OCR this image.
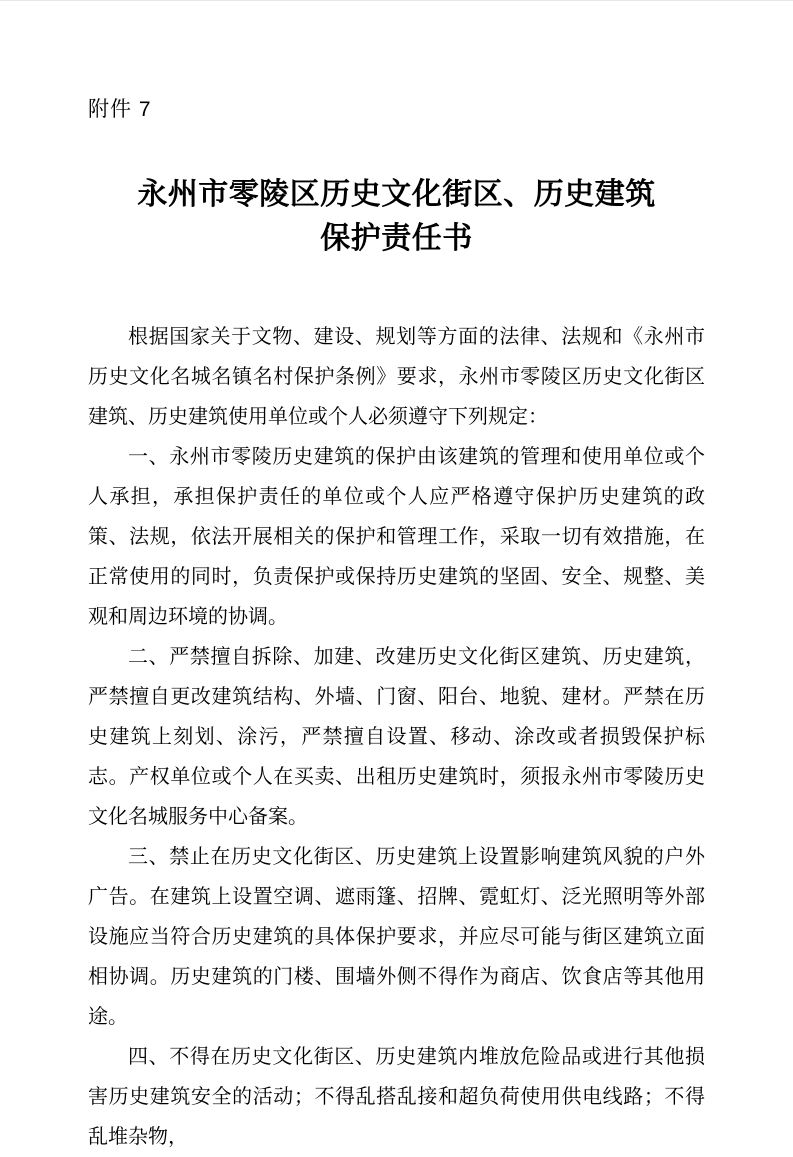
附件 7
永州市零陵区历史文化街区、历史建筑
保护责任书

根据国家关于文物、建设、规划等方面的法律、法规和《永州市历史文化名城名镇名村保护条例》要求，永州市零陵区历史文化街区建筑、历史建筑使用单位或个人必须遵守下列规定：

一、永州市零陵历史建筑的保护由该建筑的管理和使用单位或个人承担，承担保护责任的单位或个人应严格遵守保护历史建筑的政策、法规，依法开展相关的保护和管理工作，采取一切有效措施，在正常使用的同时，负责保护或保持历史建筑的坚固、安全、规整、美观和周边环境的协调。

二、严禁擅自拆除、加建、改建历史文化街区建筑、历史建筑，严禁擅自更改建筑结构、外墙、门窗、阳台、地貌、建材。严禁在历史建筑上刻划、涂污，严禁擅自设置、移动、涂改或者损毁保护标志。产权单位或个人在买卖、出租历史建筑时，须报永州市零陵历史文化名城服务中心备案。

三、禁止在历史文化街区、历史建筑上设置影响建筑风貌的户外广告。在建筑上设置空调、遮雨篷、招牌、霓虹灯、泛光照明等外部设施应当符合历史建筑的具体保护要求，并应尽可能与街区建筑立面相协调。历史建筑的门楼、围墙外侧不得作为商店、饮食店等其他用途。

四、不得在历史文化街区、历史建筑内堆放危险品或进行其他损害历史建筑安全的活动；不得乱搭乱接和超负荷使用供电线路；不得乱堆杂物，
